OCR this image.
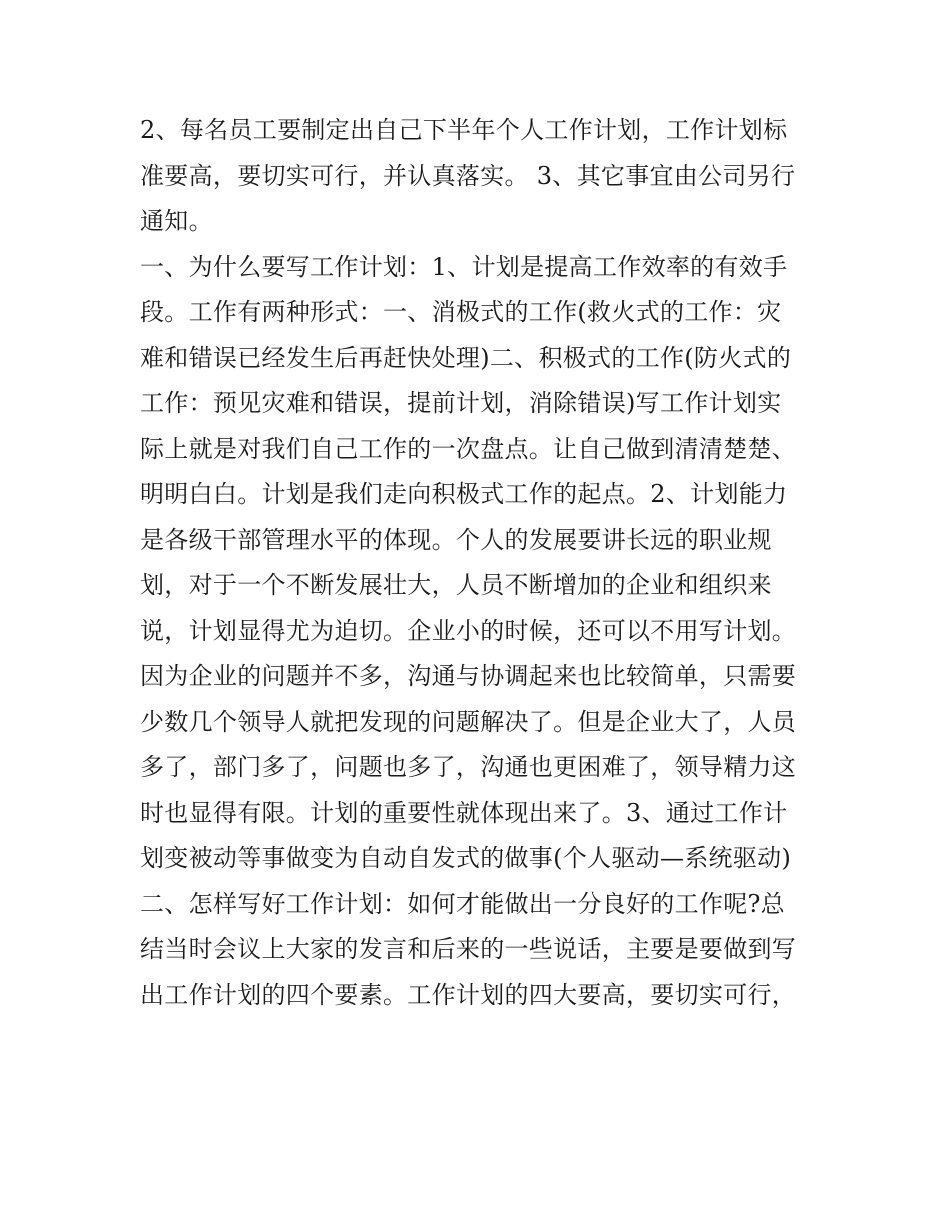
2、每名员工要制定出自己下半年个人工作计划，工作计划标
准要高，要切实可行，并认真落实。 3、其它事宜由公司另行
通知。
一、为什么要写工作计划：1、计划是提高工作效率的有效手
段。工作有两种形式：一、消极式的工作(救火式的工作：灾
难和错误已经发生后再赶快处理)二、积极式的工作(防火式的
工作：预见灾难和错误，提前计划，消除错误)写工作计划实
际上就是对我们自己工作的一次盘点。让自己做到清清楚楚、
明明白白。计划是我们走向积极式工作的起点。2、计划能力
是各级干部管理水平的体现。个人的发展要讲长远的职业规
划，对于一个不断发展壮大，人员不断增加的企业和组织来
说，计划显得尤为迫切。企业小的时候，还可以不用写计划。
因为企业的问题并不多，沟通与协调起来也比较简单，只需要
少数几个领导人就把发现的问题解决了。但是企业大了，人员
多了，部门多了，问题也多了，沟通也更困难了，领导精力这
时也显得有限。计划的重要性就体现出来了。3、通过工作计
划变被动等事做变为自动自发式的做事(个人驱动—系统驱动)
二、怎样写好工作计划：如何才能做出一分良好的工作呢?总
结当时会议上大家的发言和后来的一些说话，主要是要做到写
出工作计划的四个要素。工作计划的四大要高，要切实可行，
